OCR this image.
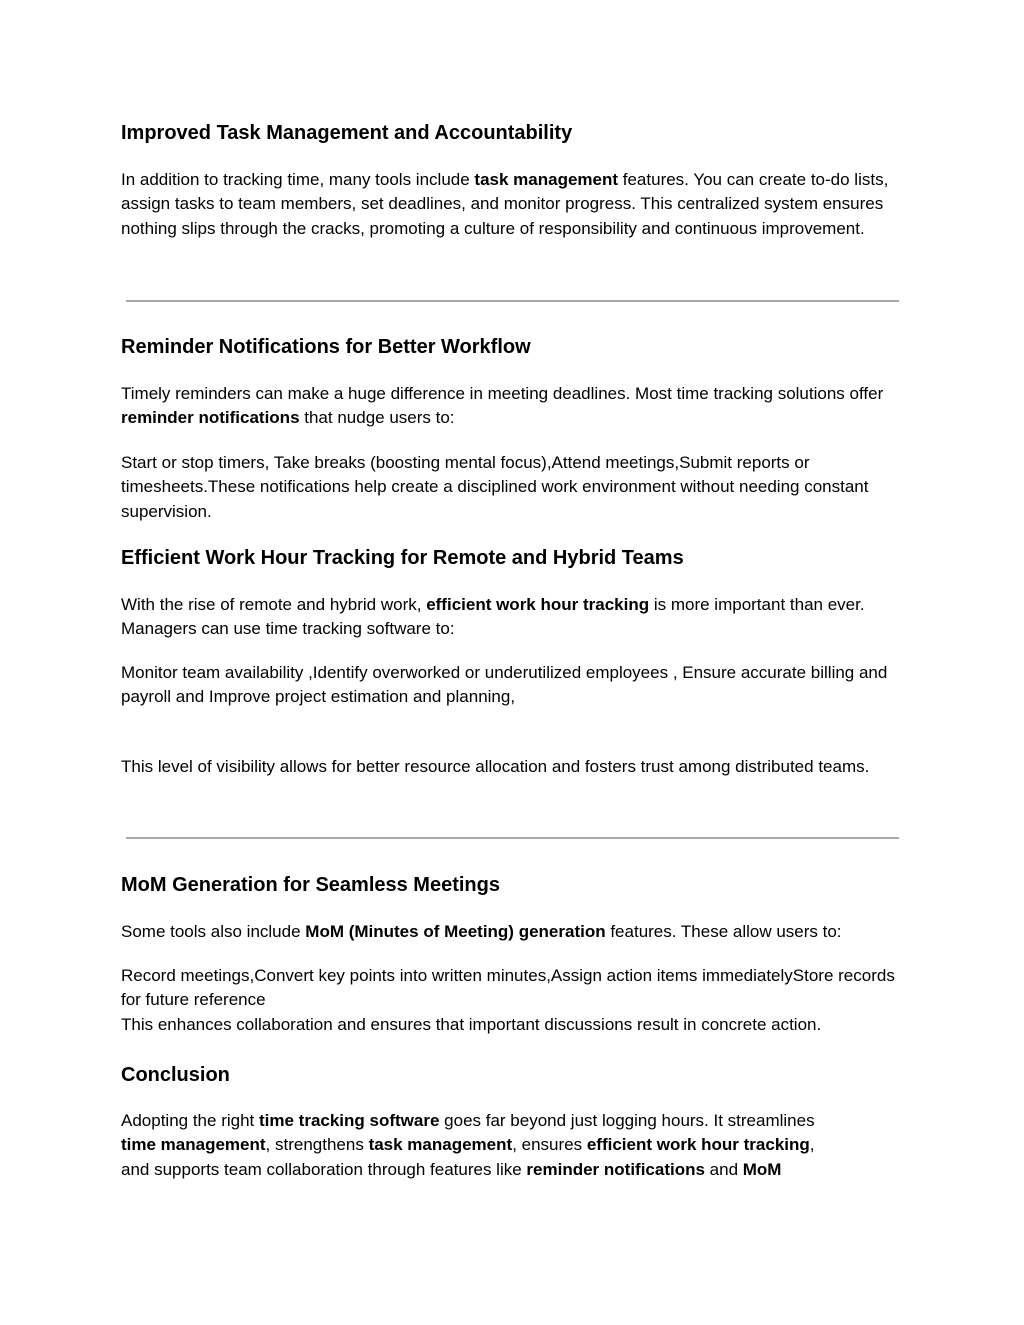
Improved Task Management and Accountability

In addition to tracking time, many tools include task management features. You can create to-do lists, assign tasks to team members, set deadlines, and monitor progress. This centralized system ensures nothing slips through the cracks, promoting a culture of responsibility and continuous improvement.

Reminder Notifications for Better Workflow

Timely reminders can make a huge difference in meeting deadlines. Most time tracking solutions offer reminder notifications that nudge users to:

Start or stop timers, Take breaks (boosting mental focus),Attend meetings,Submit reports or timesheets.These notifications help create a disciplined work environment without needing constant supervision.

Efficient Work Hour Tracking for Remote and Hybrid Teams

With the rise of remote and hybrid work, efficient work hour tracking is more important than ever. Managers can use time tracking software to:

Monitor team availability ,Identify overworked or underutilized employees , Ensure accurate billing and payroll and Improve project estimation and planning,

This level of visibility allows for better resource allocation and fosters trust among distributed teams.

MoM Generation for Seamless Meetings

Some tools also include MoM (Minutes of Meeting) generation features. These allow users to:

Record meetings,Convert key points into written minutes,Assign action items immediatelyStore records for future reference
This enhances collaboration and ensures that important discussions result in concrete action.

Conclusion

Adopting the right time tracking software goes far beyond just logging hours. It streamlines
time management, strengthens task management, ensures efficient work hour tracking,
and supports team collaboration through features like reminder notifications and MoM
